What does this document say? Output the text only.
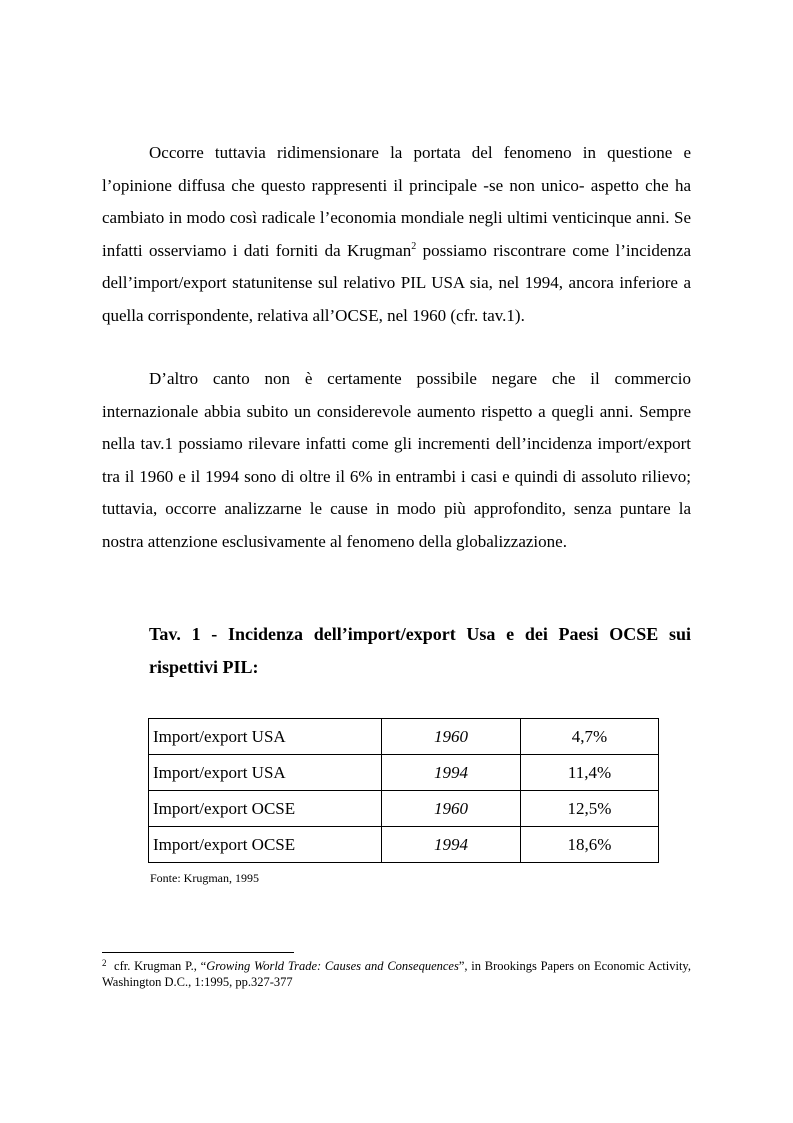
Occorre tuttavia ridimensionare la portata del fenomeno in questione e l’opinione diffusa che questo rappresenti il principale -se non unico- aspetto che ha cambiato in modo così radicale l’economia mondiale negli ultimi venticinque anni. Se infatti osserviamo i dati forniti da Krugman$^2$ possiamo riscontrare come l’incidenza dell’import/export statunitense sul relativo PIL USA sia, nel 1994, ancora inferiore a quella corrispondente, relativa all’OCSE, nel 1960 (cfr. tav.1).

D’altro canto non è certamente possibile negare che il commercio internazionale abbia subito un considerevole aumento rispetto a quegli anni. Sempre nella tav.1 possiamo rilevare infatti come gli incrementi dell’incidenza import/export tra il 1960 e il 1994 sono di oltre il 6% in entrambi i casi e quindi di assoluto rilievo; tuttavia, occorre analizzarne le cause in modo più approfondito, senza puntare la nostra attenzione esclusivamente al fenomeno della globalizzazione.

Tav. 1 - Incidenza dell’import/export Usa e dei Paesi OCSE sui rispettivi PIL:

Import/export USA	1960	4,7%
Import/export USA	1994	11,4%
Import/export OCSE	1960	12,5%
Import/export OCSE	1994	18,6%

Fonte: Krugman, 1995

$^2$  cfr. Krugman P., “Growing World Trade: Causes and Consequences”, in Brookings Papers on Economic Activity, Washington D.C., 1:1995, pp.327-377
